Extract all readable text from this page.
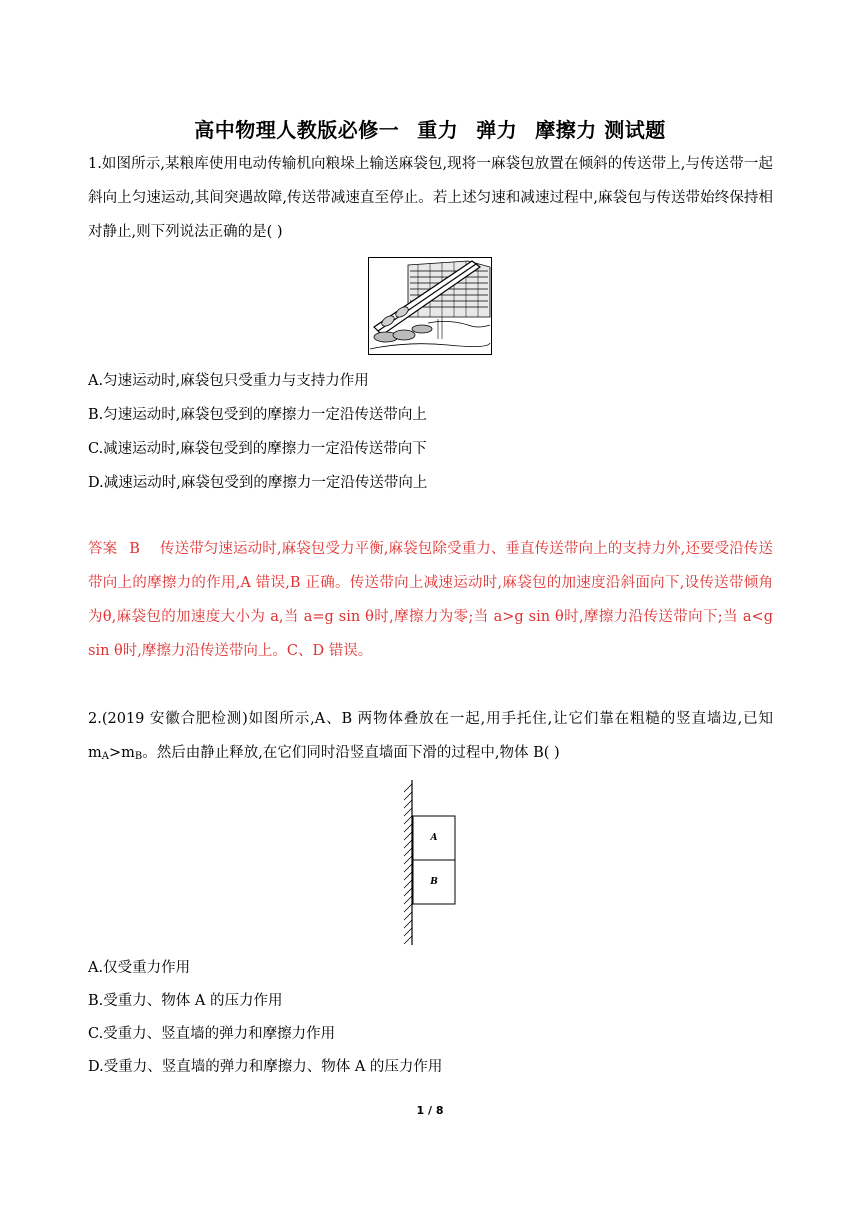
高中物理人教版必修一 重力 弹力 摩擦力 测试题
1.如图所示,某粮库使用电动传输机向粮垛上输送麻袋包,现将一麻袋包放置在倾斜的传送带上,与传送带一起斜向上匀速运动,其间突遇故障,传送带减速直至停止。若上述匀速和减速过程中,麻袋包与传送带始终保持相对静止,则下列说法正确的是( )
A.匀速运动时,麻袋包只受重力与支持力作用
B.匀速运动时,麻袋包受到的摩擦力一定沿传送带向上
C.减速运动时,麻袋包受到的摩擦力一定沿传送带向下
D.减速运动时,麻袋包受到的摩擦力一定沿传送带向上
答案 B 传送带匀速运动时,麻袋包受力平衡,麻袋包除受重力、垂直传送带向上的支持力外,还要受沿传送带向上的摩擦力的作用,A 错误,B 正确。传送带向上减速运动时,麻袋包的加速度沿斜面向下,设传送带倾角为θ,麻袋包的加速度大小为 a,当 a=g sin θ时,摩擦力为零;当 a>g sin θ时,摩擦力沿传送带向下;当 a<g sin θ时,摩擦力沿传送带向上。C、D 错误。
2.(2019 安徽合肥检测)如图所示,A、B 两物体叠放在一起,用手托住,让它们靠在粗糙的竖直墙边,已知 $m_A>m_B$。然后由静止释放,在它们同时沿竖直墙面下滑的过程中,物体 B( )
A
B
A.仅受重力作用
B.受重力、物体 A 的压力作用
C.受重力、竖直墙的弹力和摩擦力作用
D.受重力、竖直墙的弹力和摩擦力、物体 A 的压力作用
1 / 8
